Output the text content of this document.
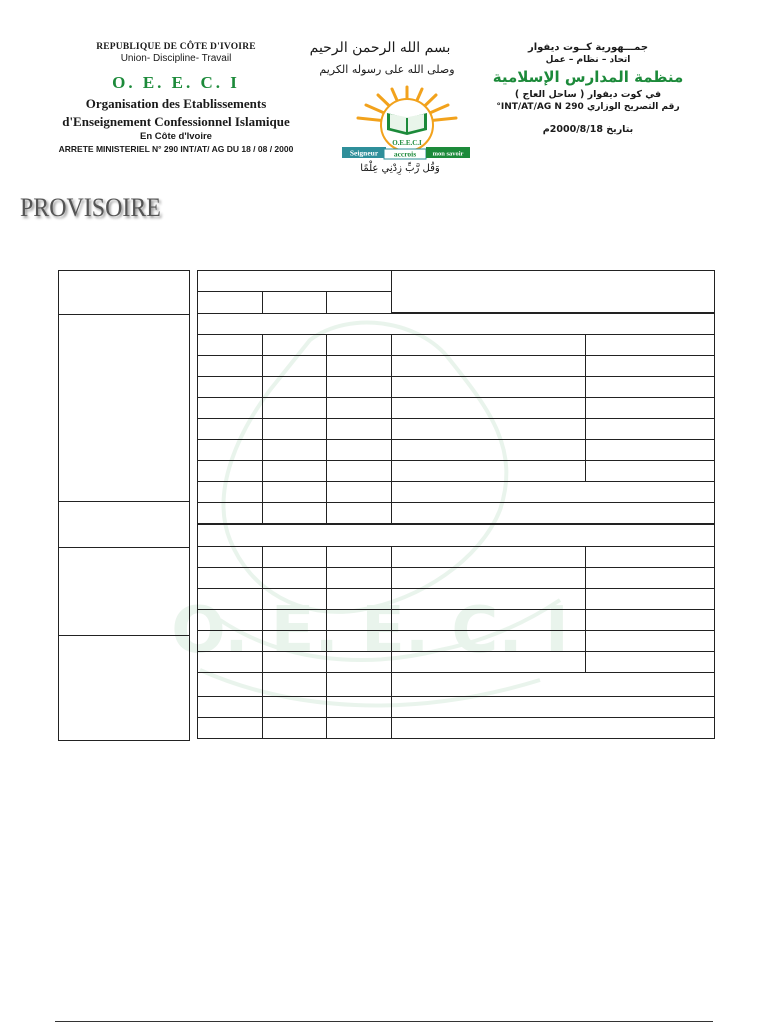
REPUBLIQUE DE CÔTE D'IVOIRE
Union- Discipline- Travail
O. E. E. C. I
Organisation des Etablissements
d'Enseignement Confessionnel Islamique
En Côte d'Ivoire
ARRETE MINISTERIEL N° 290 INT/AT/ AG DU 18 / 08 / 2000
بسم الله الرحمن الرحيم
وصلى الله على رسوله الكريم
O.E.E.C.I
Seigneur accrois	mon savoir
وَقُل رَّبِّ زِدْنِي عِلْمًا
جمـــهورية كــوت ديفوار
اتحاد – نظام – عمل
منظمة المدارس الإسلامية
في كوت ديفوار ( ساحل العاج )
رقم التصريح الوزاري 290 INT/AT/AG N°
بتاريخ 2000/8/18م
PROVISOIRE
O. E. E. C. I
